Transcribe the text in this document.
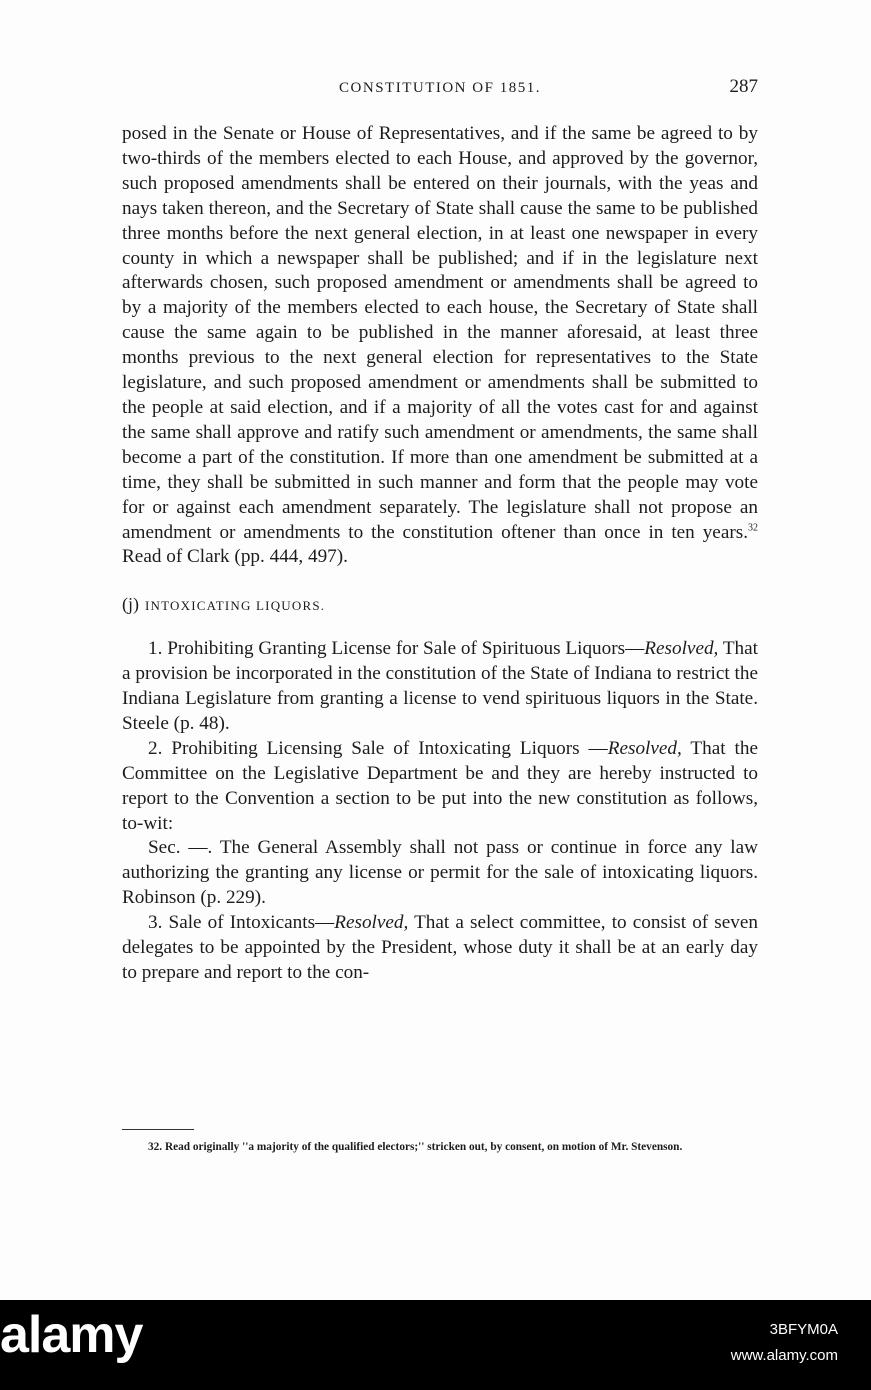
CONSTITUTION OF 1851.	287

posed in the Senate or House of Representatives, and if the same be agreed to by two-thirds of the members elected to each House, and approved by the governor, such proposed amendments shall be entered on their journals, with the yeas and nays taken thereon, and the Secretary of State shall cause the same to be published three months before the next general election, in at least one newspaper in every county in which a newspaper shall be published; and if in the legislature next afterwards chosen, such proposed amendment or amendments shall be agreed to by a majority of the members elected to each house, the Secretary of State shall cause the same again to be published in the manner aforesaid, at least three months previous to the next general election for representatives to the State legislature, and such proposed amendment or amendments shall be submitted to the people at said election, and if a majority of all the votes cast for and against the same shall approve and ratify such amendment or amendments, the same shall become a part of the constitution. If more than one amendment be submitted at a time, they shall be submitted in such manner and form that the people may vote for or against each amendment separately. The legislature shall not propose an amendment or amendments to the constitution oftener than once in ten years.$^{32}$ Read of Clark (pp. 444, 497).

(j) INTOXICATING LIQUORS.

1. Prohibiting Granting License for Sale of Spirituous Liquors—Resolved, That a provision be incorporated in the constitution of the State of Indiana to restrict the Indiana Legislature from granting a license to vend spirituous liquors in the State. Steele (p. 48).

2. Prohibiting Licensing Sale of Intoxicating Liquors —Resolved, That the Committee on the Legislative Department be and they are hereby instructed to report to the Convention a section to be put into the new constitution as follows, to-wit:

Sec. —. The General Assembly shall not pass or continue in force any law authorizing the granting any license or permit for the sale of intoxicating liquors. Robinson (p. 229).

3. Sale of Intoxicants—Resolved, That a select committee, to consist of seven delegates to be appointed by the President, whose duty it shall be at an early day to prepare and report to the con-

32. Read originally ''a majority of the qualified electors;'' stricken out, by consent, on motion of Mr. Stevenson.

alamy	3BFYM0A
www.alamy.com
